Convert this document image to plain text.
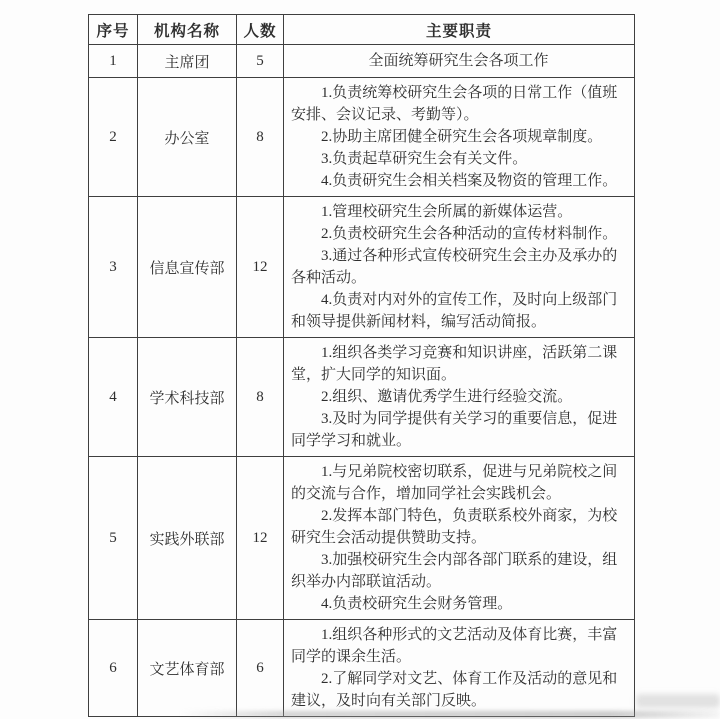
序号	机构名称	人数	主要职责
1	主席团	5	全面统筹研究生会各项工作

2	办公室	8	1.负责统筹校研究生会各项的日常工作（值班安排、会议记录、考勤等）。

2.协助主席团健全研究生会各项规章制度。

3.负责起草研究生会有关文件。

4.负责研究生会相关档案及物资的管理工作。

3	信息宣传部	12	1.管理校研究生会所属的新媒体运营。

2.负责校研究生会各种活动的宣传材料制作。

3.通过各种形式宣传校研究生会主办及承办的各种活动。

4.负责对内对外的宣传工作，及时向上级部门和领导提供新闻材料，编写活动简报。

4	学术科技部	8	1.组织各类学习竞赛和知识讲座，活跃第二课堂，扩大同学的知识面。

2.组织、邀请优秀学生进行经验交流。

3.及时为同学提供有关学习的重要信息，促进同学学习和就业。

5	实践外联部	12	1.与兄弟院校密切联系，促进与兄弟院校之间的交流与合作，增加同学社会实践机会。

2.发挥本部门特色，负责联系校外商家，为校研究生会活动提供赞助支持。

3.加强校研究生会内部各部门联系的建设，组织举办内部联谊活动。

4.负责校研究生会财务管理。

6	文艺体育部	6	1.组织各种形式的文艺活动及体育比赛，丰富同学的课余生活。

2.了解同学对文艺、体育工作及活动的意见和建议，及时向有关部门反映。
